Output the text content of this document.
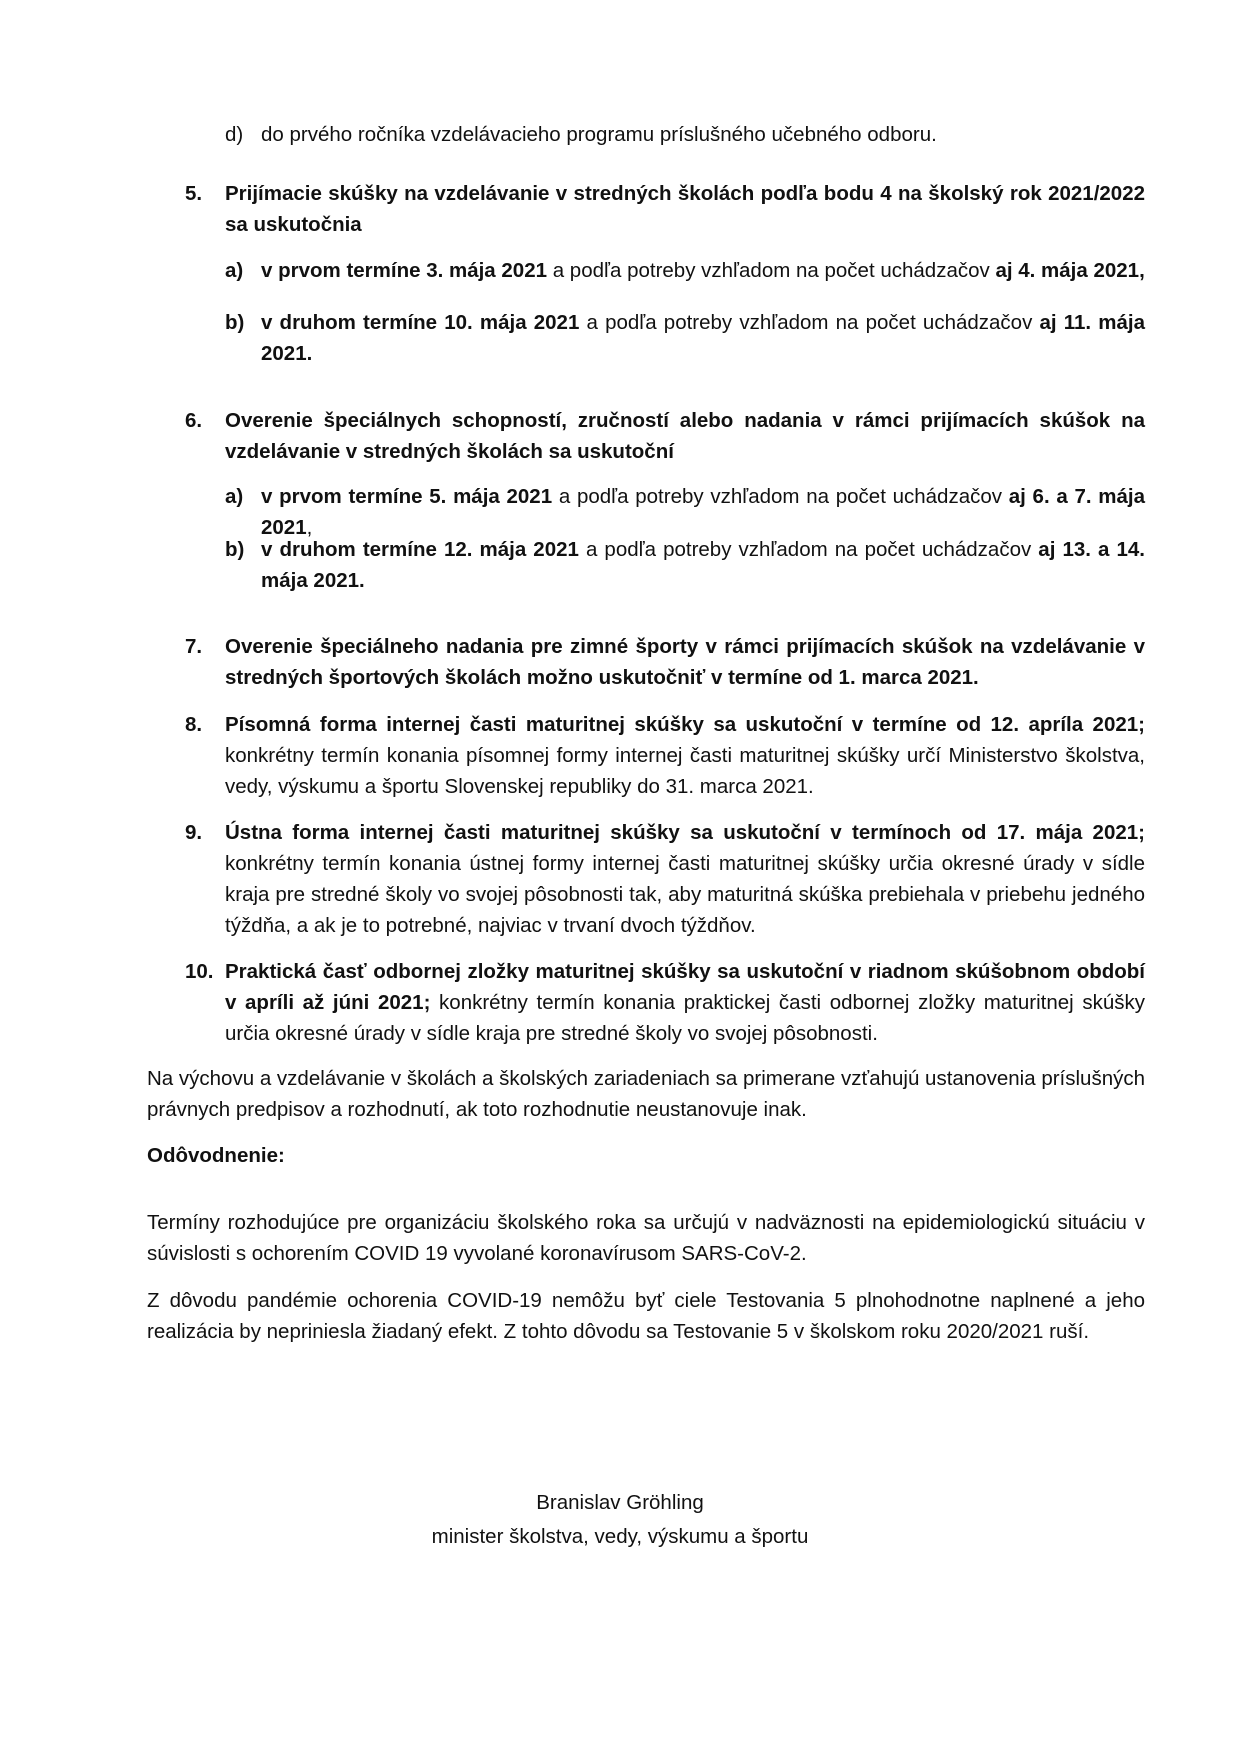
d) do prvého ročníka vzdelávacieho programu príslušného učebného odboru.
5. Prijímacie skúšky na vzdelávanie v stredných školách podľa bodu 4 na školský rok 2021/2022 sa uskutočnia
a) v prvom termíne 3. mája 2021 a podľa potreby vzhľadom na počet uchádzačov aj 4. mája 2021,
b) v druhom termíne 10. mája 2021 a podľa potreby vzhľadom na počet uchádzačov aj 11. mája 2021.
6. Overenie špeciálnych schopností, zručností alebo nadania v rámci prijímacích skúšok na vzdelávanie v stredných školách sa uskutoční
a) v prvom termíne 5. mája 2021 a podľa potreby vzhľadom na počet uchádzačov aj 6. a 7. mája 2021,
b) v druhom termíne 12. mája 2021 a podľa potreby vzhľadom na počet uchádzačov aj 13. a 14. mája 2021.
7. Overenie špeciálneho nadania pre zimné športy v rámci prijímacích skúšok na vzdelávanie v stredných športových školách možno uskutočniť v termíne od 1. marca 2021.
8. Písomná forma internej časti maturitnej skúšky sa uskutoční v termíne od 12. apríla 2021; konkrétny termín konania písomnej formy internej časti maturitnej skúšky určí Ministerstvo školstva, vedy, výskumu a športu Slovenskej republiky do 31. marca 2021.
9. Ústna forma internej časti maturitnej skúšky sa uskutoční v termínoch od 17. mája 2021; konkrétny termín konania ústnej formy internej časti maturitnej skúšky určia okresné úrady v sídle kraja pre stredné školy vo svojej pôsobnosti tak, aby maturitná skúška prebiehala v priebehu jedného týždňa, a ak je to potrebné, najviac v trvaní dvoch týždňov.
10. Praktická časť odbornej zložky maturitnej skúšky sa uskutoční v riadnom skúšobnom období v apríli až júni 2021; konkrétny termín konania praktickej časti odbornej zložky maturitnej skúšky určia okresné úrady v sídle kraja pre stredné školy vo svojej pôsobnosti.
Na výchovu a vzdelávanie v školách a školských zariadeniach sa primerane vzťahujú ustanovenia príslušných právnych predpisov a rozhodnutí, ak toto rozhodnutie neustanovuje inak.
Odôvodnenie:
Termíny rozhodujúce pre organizáciu školského roka sa určujú v nadväznosti na epidemiologickú situáciu v súvislosti s ochorením COVID 19 vyvolané koronavírusom SARS-CoV-2.
Z dôvodu pandémie ochorenia COVID-19 nemôžu byť ciele Testovania 5 plnohodnotne naplnené a jeho realizácia by nepriniesla žiadaný efekt. Z tohto dôvodu sa Testovanie 5 v školskom roku 2020/2021 ruší.
Branislav Gröhling
minister školstva, vedy, výskumu a športu
